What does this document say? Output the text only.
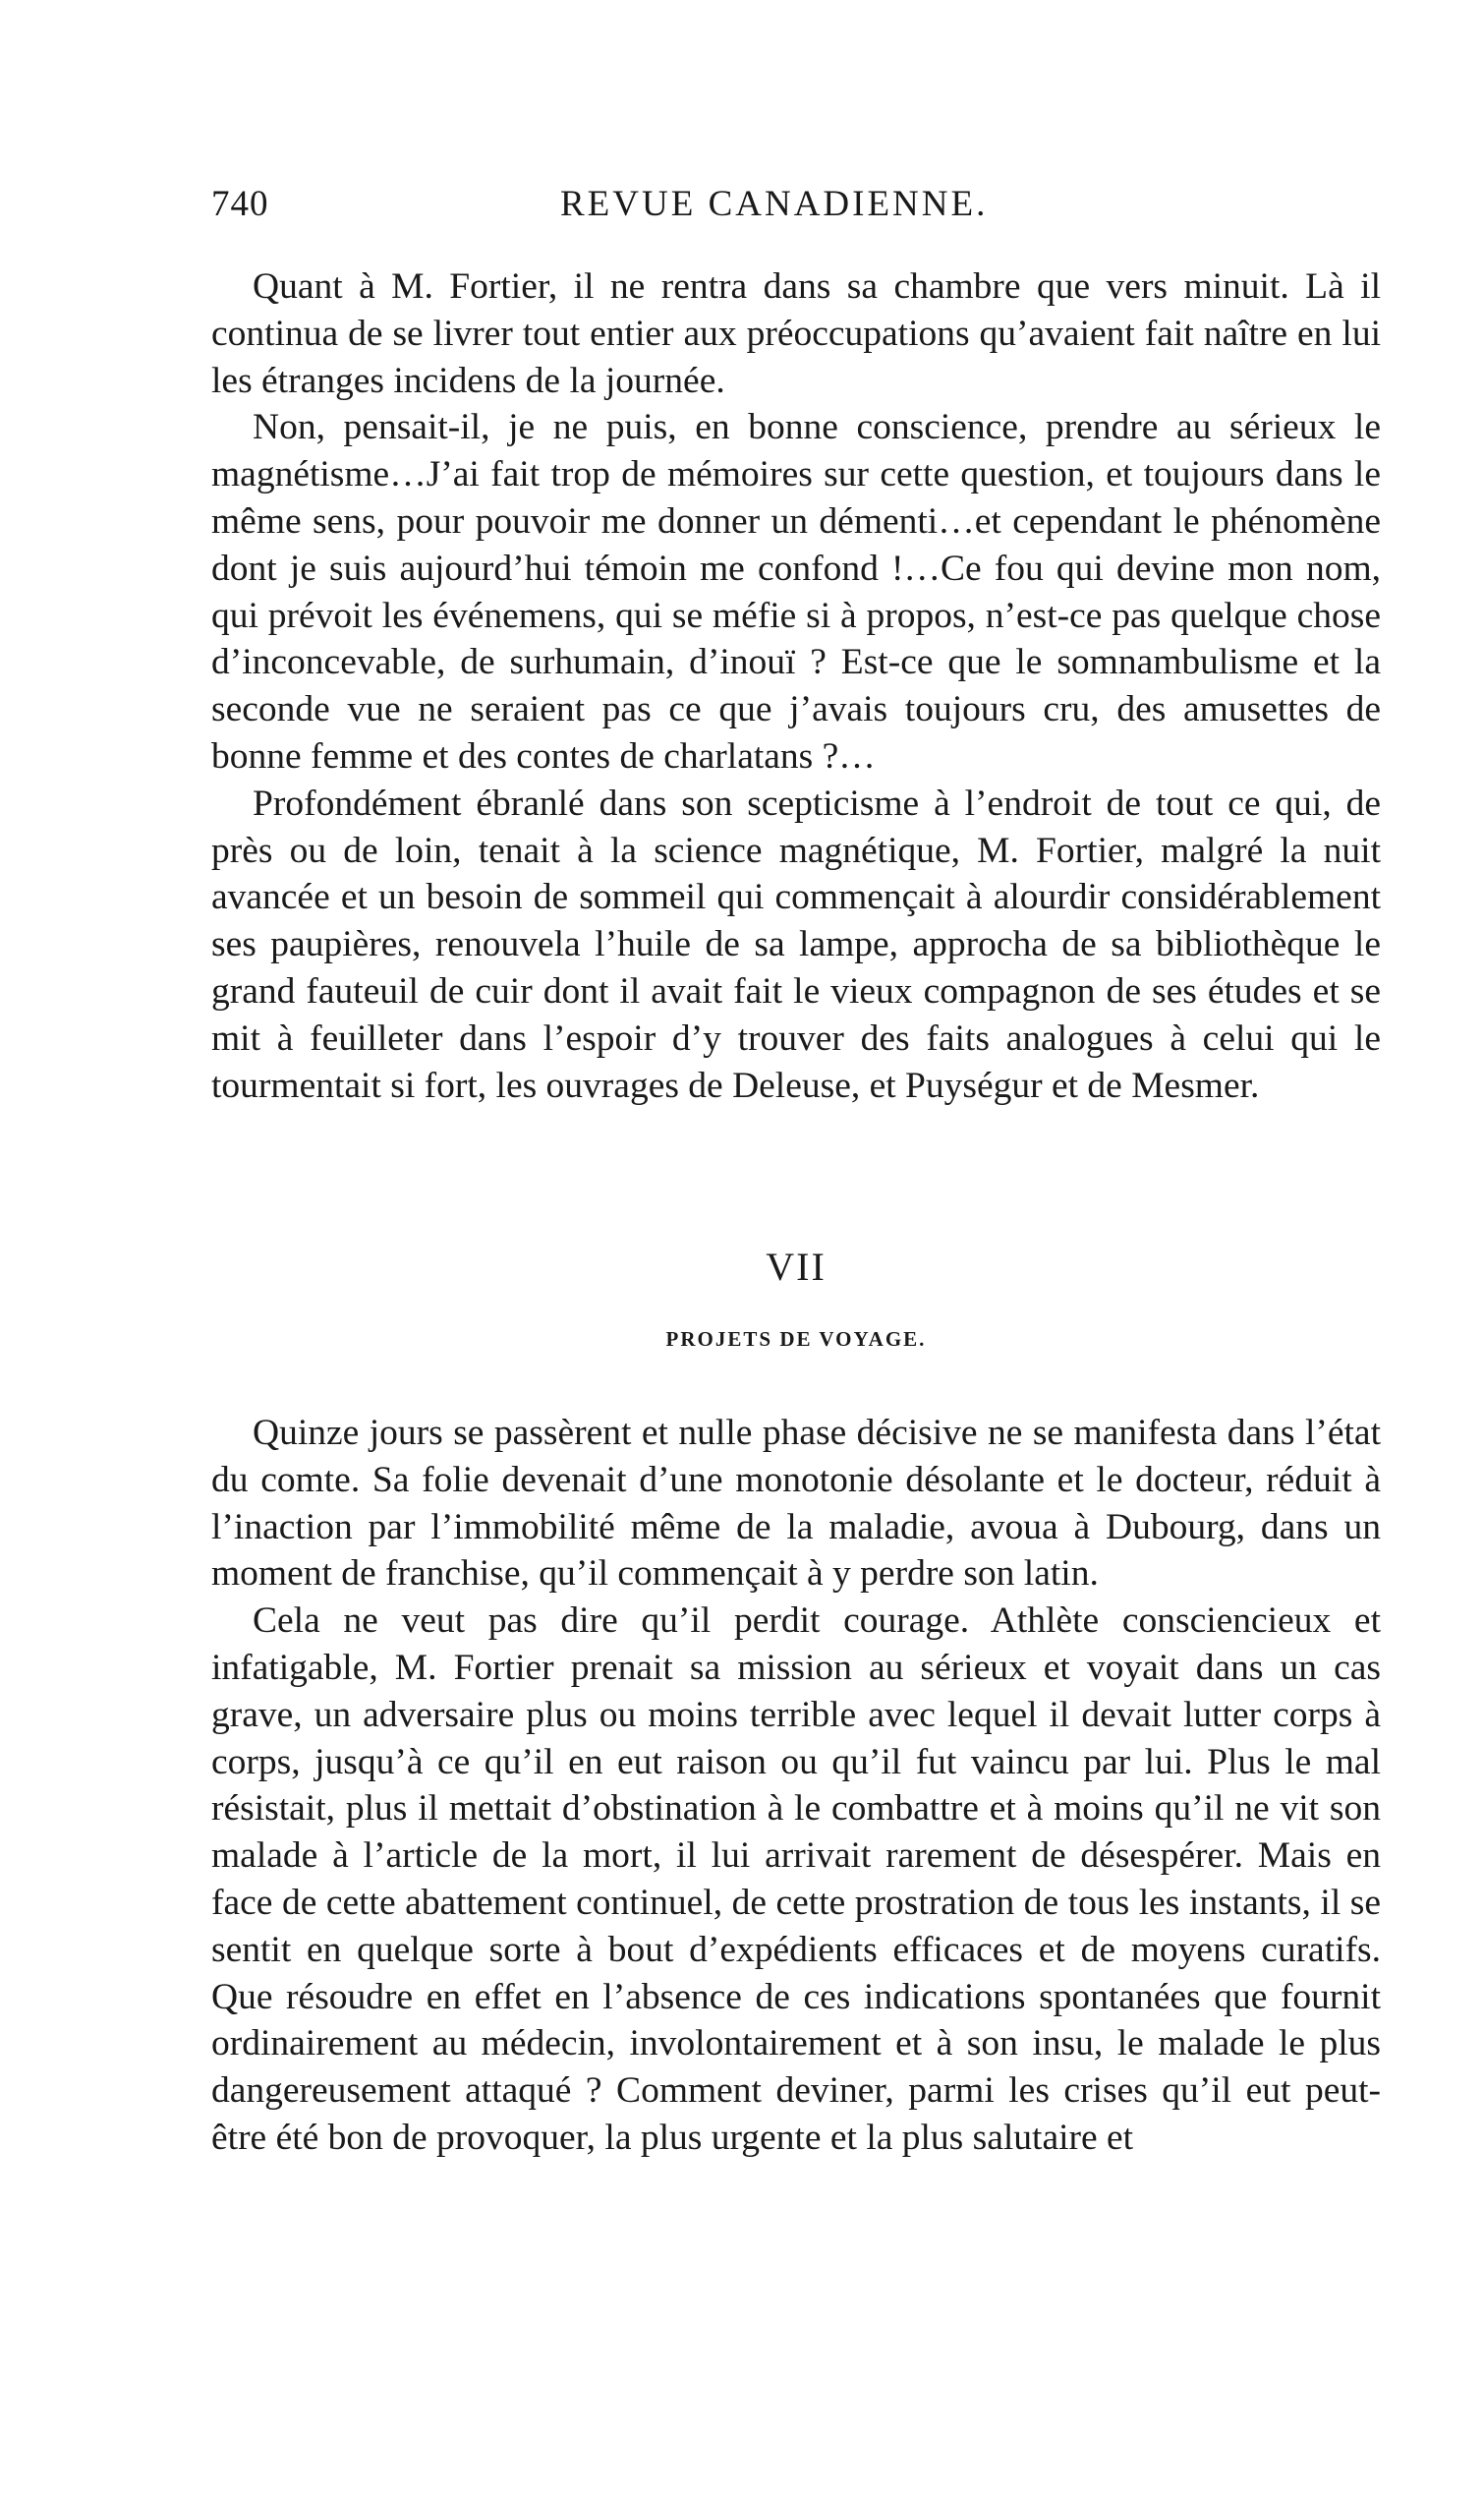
740	REVUE CANADIENNE.

Quant à M. Fortier, il ne rentra dans sa chambre que vers minuit. Là il continua de se livrer tout entier aux préoccupations qu’avaient fait naître en lui les étranges incidens de la journée.

Non, pensait-il, je ne puis, en bonne conscience, prendre au sérieux le magnétisme…J’ai fait trop de mémoires sur cette question, et toujours dans le même sens, pour pouvoir me donner un démenti…et cependant le phénomène dont je suis aujourd’hui témoin me confond !…Ce fou qui devine mon nom, qui prévoit les événemens, qui se méfie si à propos, n’est-ce pas quelque chose d’inconcevable, de surhumain, d’inouï ? Est-ce que le somnambulisme et la seconde vue ne seraient pas ce que j’avais toujours cru, des amusettes de bonne femme et des contes de charlatans ?…

Profondément ébranlé dans son scepticisme à l’endroit de tout ce qui, de près ou de loin, tenait à la science magnétique, M. Fortier, malgré la nuit avancée et un besoin de sommeil qui commençait à alourdir considérablement ses paupières, renouvela l’huile de sa lampe, approcha de sa bibliothèque le grand fauteuil de cuir dont il avait fait le vieux compagnon de ses études et se mit à feuilleter dans l’espoir d’y trouver des faits analogues à celui qui le tourmentait si fort, les ouvrages de Deleuse, et Puységur et de Mesmer.

VII
PROJETS DE VOYAGE.

Quinze jours se passèrent et nulle phase décisive ne se manifesta dans l’état du comte. Sa folie devenait d’une monotonie désolante et le docteur, réduit à l’inaction par l’immobilité même de la maladie, avoua à Dubourg, dans un moment de franchise, qu’il commençait à y perdre son latin.

Cela ne veut pas dire qu’il perdit courage. Athlète consciencieux et infatigable, M. Fortier prenait sa mission au sérieux et voyait dans un cas grave, un adversaire plus ou moins terrible avec lequel il devait lutter corps à corps, jusqu’à ce qu’il en eut raison ou qu’il fut vaincu par lui. Plus le mal résistait, plus il mettait d’obstination à le combattre et à moins qu’il ne vit son malade à l’article de la mort, il lui arrivait rarement de désespérer. Mais en face de cette abattement continuel, de cette prostration de tous les instants, il se sentit en quelque sorte à bout d’expédients efficaces et de moyens curatifs. Que résoudre en effet en l’absence de ces indications spontanées que fournit ordinairement au médecin, involontairement et à son insu, le malade le plus dangereusement attaqué ? Comment deviner, parmi les crises qu’il eut peut-être été bon de provoquer, la plus urgente et la plus salutaire et
